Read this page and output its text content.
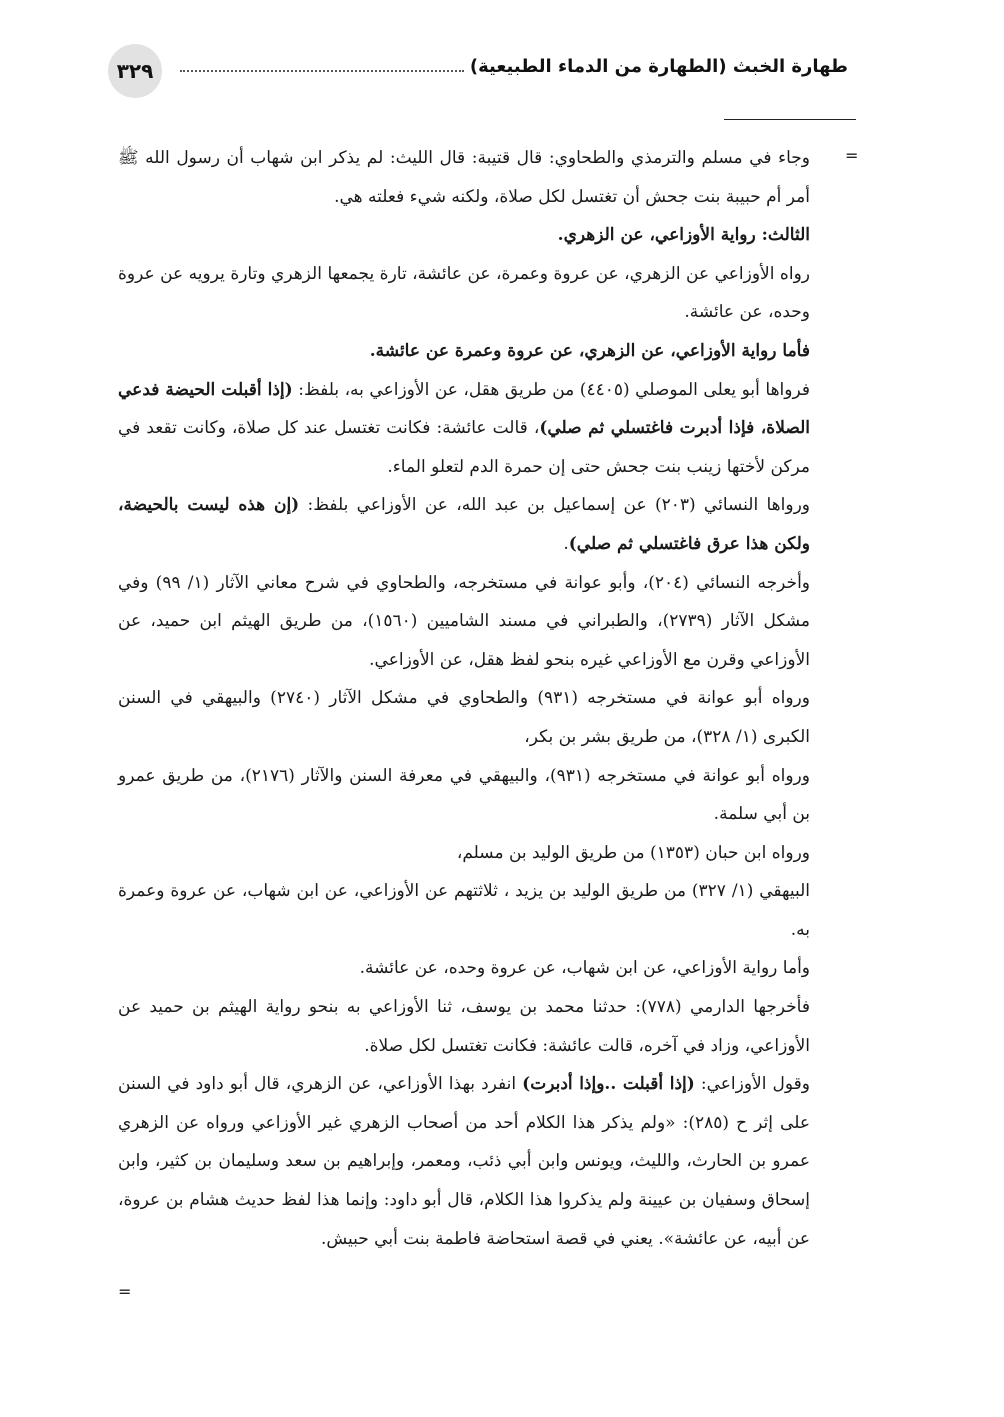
٣٢٩	طهارة الخبث (الطهارة من الدماء الطبيعية)
=
=

وجاء في مسلم والترمذي والطحاوي: قال قتيبة: قال الليث: لم يذكر ابن شهاب أن رسول الله ﷺ أمر أم حبيبة بنت جحش أن تغتسل لكل صلاة، ولكنه شيء فعلته هي.

الثالث: رواية الأوزاعي، عن الزهري.

رواه الأوزاعي عن الزهري، عن عروة وعمرة، عن عائشة، تارة يجمعها الزهري وتارة يرويه عن عروة وحده، عن عائشة.

فأما رواية الأوزاعي، عن الزهري، عن عروة وعمرة عن عائشة.

فرواها أبو يعلى الموصلي (٤٤٠٥) من طريق هقل، عن الأوزاعي به، بلفظ: (إذا أقبلت الحيضة فدعي الصلاة، فإذا أدبرت فاغتسلي ثم صلي)، قالت عائشة: فكانت تغتسل عند كل صلاة، وكانت تقعد في مركن لأختها زينب بنت جحش حتى إن حمرة الدم لتعلو الماء.

ورواها النسائي (٢٠٣) عن إسماعيل بن عبد الله، عن الأوزاعي بلفظ: (إن هذه ليست بالحيضة، ولكن هذا عرق فاغتسلي ثم صلي).

وأخرجه النسائي (٢٠٤)، وأبو عوانة في مستخرجه، والطحاوي في شرح معاني الآثار (١/ ٩٩) وفي مشكل الآثار (٢٧٣٩)، والطبراني في مسند الشاميين (١٥٦٠)، من طريق الهيثم ابن حميد، عن الأوزاعي وقرن مع الأوزاعي غيره بنحو لفظ هقل، عن الأوزاعي.

ورواه أبو عوانة في مستخرجه (٩٣١) والطحاوي في مشكل الآثار (٢٧٤٠) والبيهقي في السنن الكبرى (١/ ٣٢٨)، من طريق بشر بن بكر،

ورواه أبو عوانة في مستخرجه (٩٣١)، والبيهقي في معرفة السنن والآثار (٢١٧٦)، من طريق عمرو بن أبي سلمة.

ورواه ابن حبان (١٣٥٣) من طريق الوليد بن مسلم،

البيهقي (١/ ٣٢٧) من طريق الوليد بن يزيد ، ثلاثتهم عن الأوزاعي، عن ابن شهاب، عن عروة وعمرة به.

وأما رواية الأوزاعي، عن ابن شهاب، عن عروة وحده، عن عائشة.

فأخرجها الدارمي (٧٧٨): حدثنا محمد بن يوسف، ثنا الأوزاعي به بنحو رواية الهيثم بن حميد عن الأوزاعي، وزاد في آخره، قالت عائشة: فكانت تغتسل لكل صلاة.

وقول الأوزاعي: (إذا أقبلت ..وإذا أدبرت) انفرد بهذا الأوزاعي، عن الزهري، قال أبو داود في السنن على إثر ح (٢٨٥): «ولم يذكر هذا الكلام أحد من أصحاب الزهري غير الأوزاعي ورواه عن الزهري عمرو بن الحارث، والليث، ويونس وابن أبي ذئب، ومعمر، وإبراهيم بن سعد وسليمان بن كثير، وابن إسحاق وسفيان بن عيينة ولم يذكروا هذا الكلام، قال أبو داود: وإنما هذا لفظ حديث هشام بن عروة، عن أبيه، عن عائشة». يعني في قصة استحاضة فاطمة بنت أبي حبيش.
